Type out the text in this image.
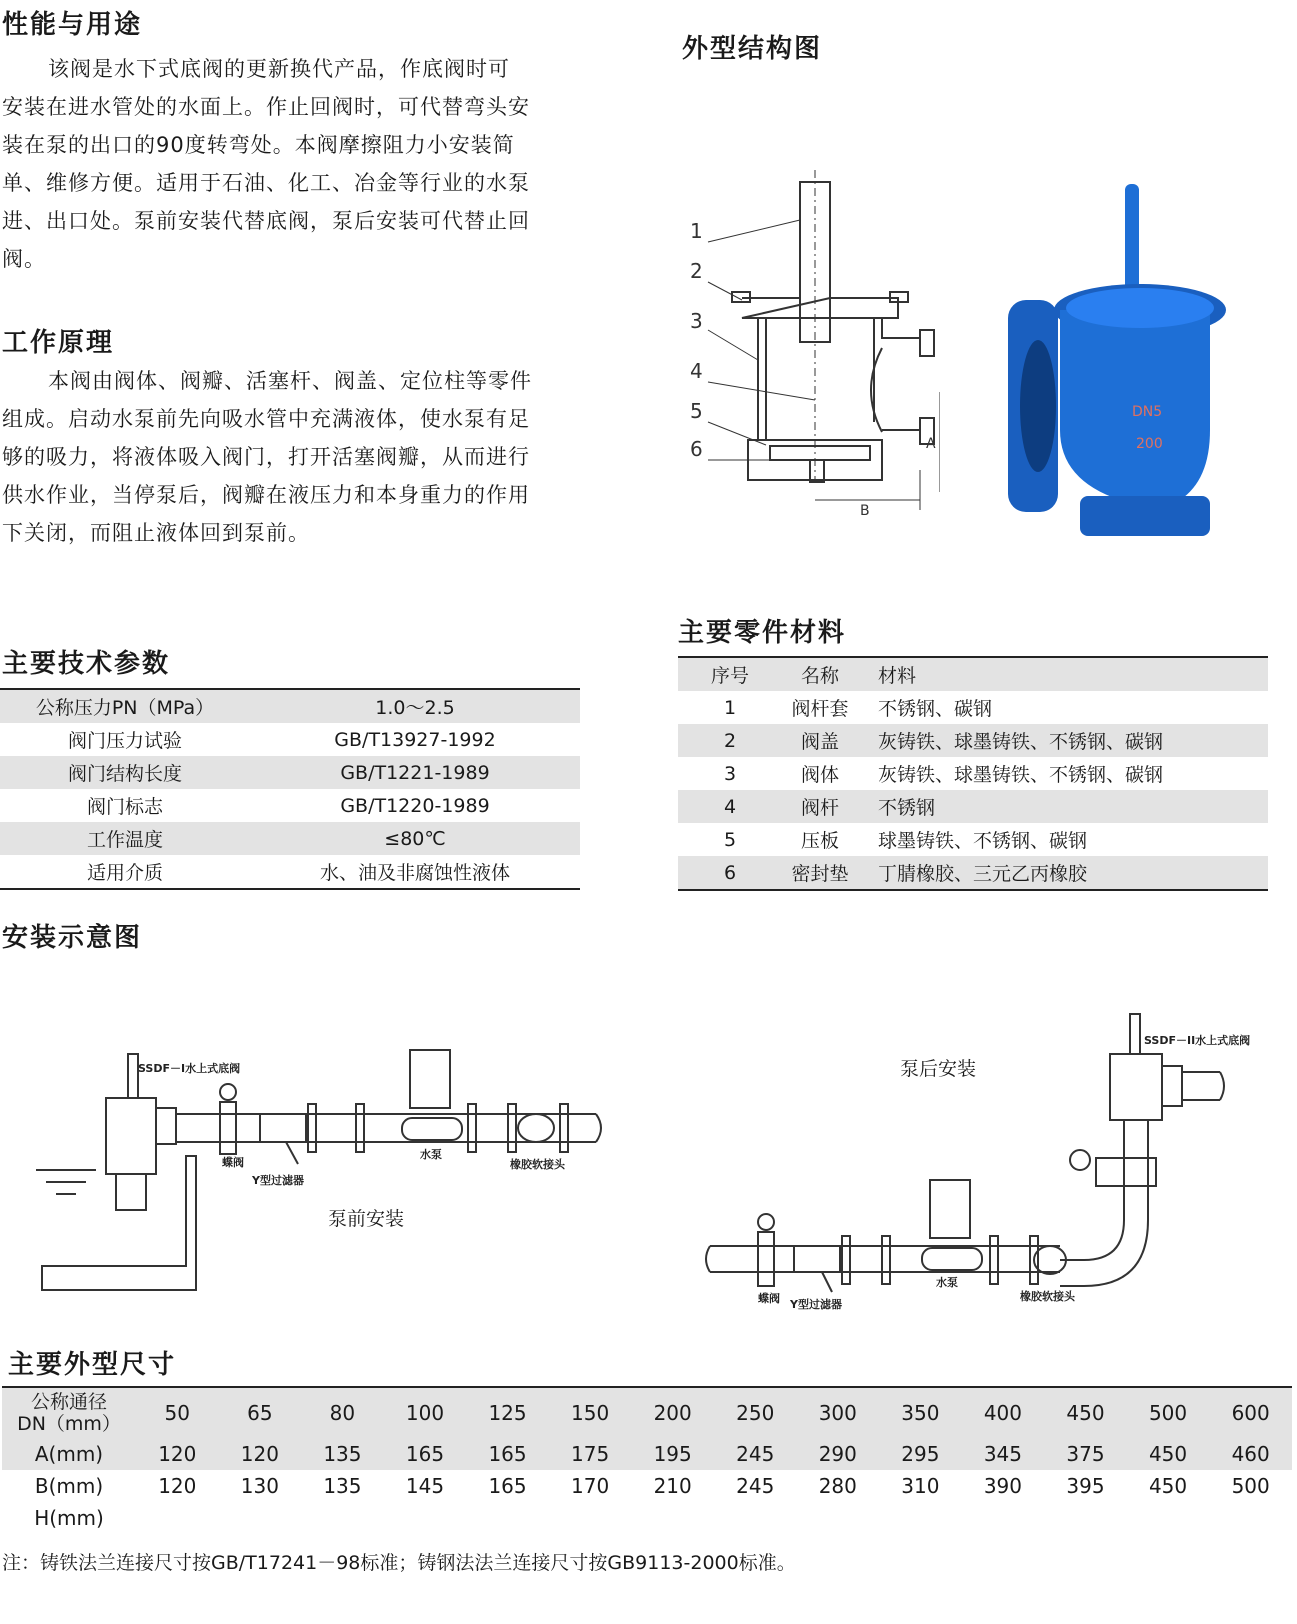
性能与用途

该阀是水下式底阀的更新换代产品，作底阀时可

安装在进水管处的水面上。作止回阀时，可代替弯头安

装在泵的出口的90度转弯处。本阀摩擦阻力小安装简

单、维修方便。适用于石油、化工、冶金等行业的水泵

进、出口处。泵前安装代替底阀，泵后安装可代替止回

阀。

工作原理

本阀由阀体、阀瓣、活塞杆、阀盖、定位柱等零件

组成。启动水泵前先向吸水管中充满液体，使水泵有足

够的吸力，将液体吸入阀门，打开活塞阀瓣，从而进行

供水作业，当停泵后，阀瓣在液压力和本身重力的作用

下关闭，而阻止液体回到泵前。

外型结构图
1
2
3
4
5
6
B
A
DN5
200
主要技术参数
公称压力PN（MPa）	1.0～2.5
阀门压力试验	GB/T13927-1992
阀门结构长度	GB/T1221-1989
阀门标志	GB/T1220-1989
工作温度	≤80℃
适用介质	水、油及非腐蚀性液体
主要零件材料
序号	名称	材料
1	阀杆套	不锈钢、碳钢
2	阀盖	灰铸铁、球墨铸铁、不锈钢、碳钢
3	阀体	灰铸铁、球墨铸铁、不锈钢、碳钢
4	阀杆	不锈钢
5	压板	球墨铸铁、不锈钢、碳钢
6	密封垫	丁腈橡胶、三元乙丙橡胶
安装示意图
SSDF－I水上式底阀
蝶阀
Y型过滤器
水泵
橡胶软接头
泵前安装
泵后安装
SSDF－II水上式底阀
蝶阀 Y型过滤器
水泵
橡胶软接头
主要外型尺寸
公称通径
DN（mm）	50	65	80	100	125	150	200	250	300	350	400	450	500	600
A(mm)	120	120	135	165	165	175	195	245	290	295	345	375	450	460
B(mm)	120	130	135	145	165	170	210	245	280	310	390	395	450	500
H(mm)														
注：铸铁法兰连接尺寸按GB/T17241－98标准；铸钢法法兰连接尺寸按GB9113-2000标准。
